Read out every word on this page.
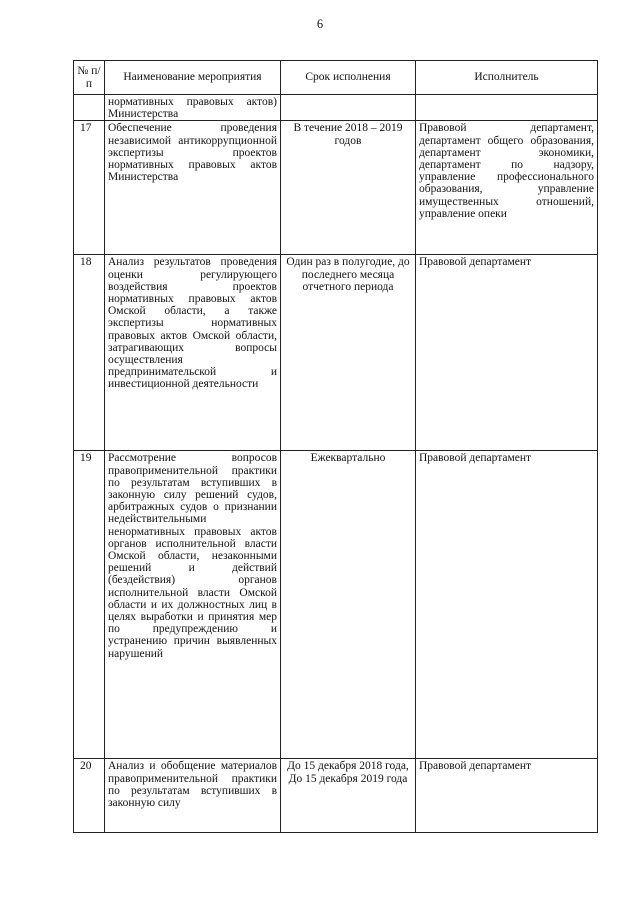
6
№ п/п	Наименование мероприятия	Срок исполнения	Исполнитель
	нормативных правовых актов) Министерства		
17	Обеспечение проведения независимой антикоррупционной экспертизы проектов нормативных правовых актов Министерства	В течение 2018 – 2019 годов	Правовой департамент, департамент общего образования, департамент экономики, департамент по надзору, управление профессионального образования, управление имущественных отношений, управление опеки
18	Анализ результатов проведения оценки регулирующего воздействия проектов нормативных правовых актов Омской области, а также экспертизы нормативных правовых актов Омской области, затрагивающих вопросы осуществления предпринимательской и инвестиционной деятельности	Один раз в полугодие, до последнего месяца отчетного периода	Правовой департамент
19	Рассмотрение вопросов правоприменительной практики по результатам вступивших в законную силу решений судов, арбитражных судов о признании недействительными ненормативных правовых актов органов исполнительной власти Омской области, незаконными решений и действий (бездействия) органов исполнительной власти Омской области и их должностных лиц в целях выработки и принятия мер по предупреждению и устранению причин выявленных нарушений	Ежеквартально	Правовой департамент
20	Анализ и обобщение материалов правоприменительной практики по результатам вступивших в законную силу	До 15 декабря 2018 года, До 15 декабря 2019 года	Правовой департамент
